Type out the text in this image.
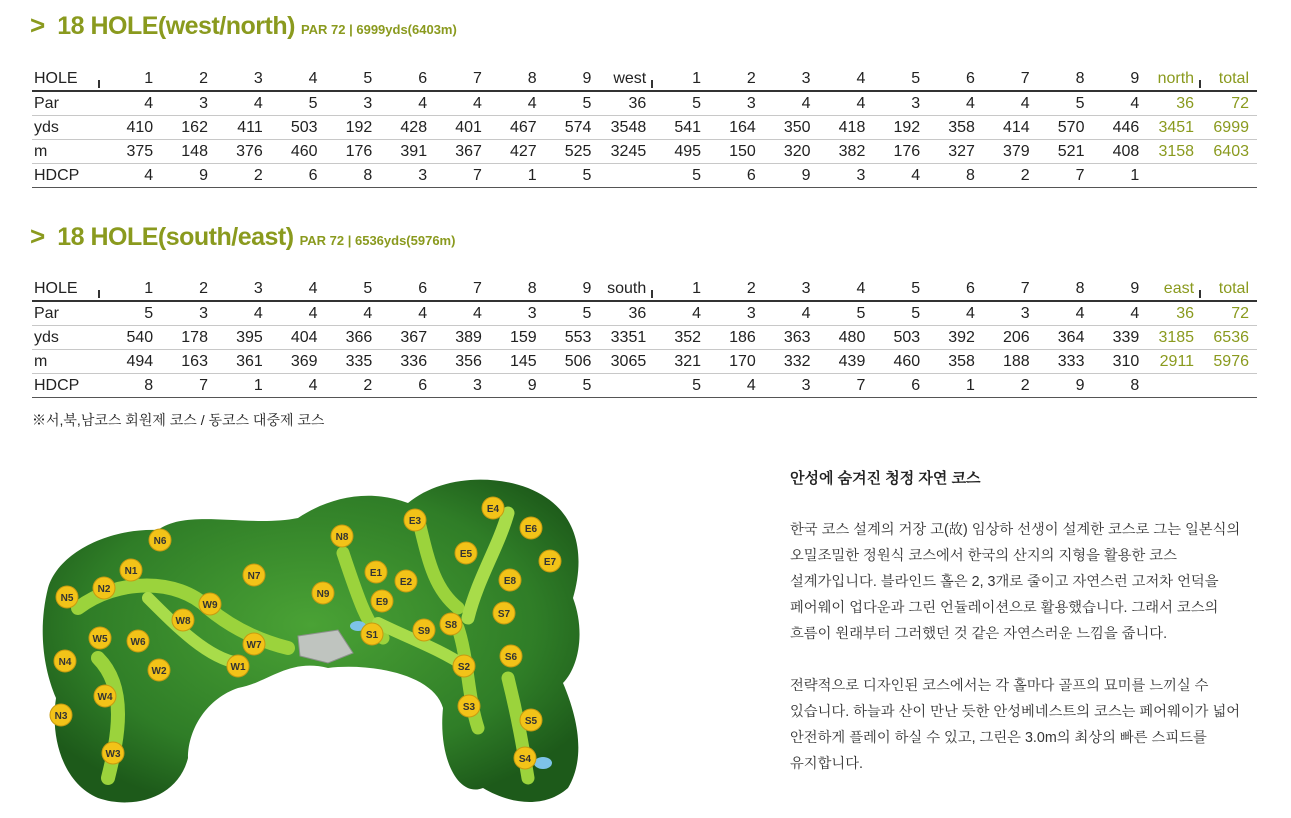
> 18 HOLE(west/north) PAR 72 | 6999yds(6403m)
HOLE	1	2	3	4	5	6	7	8	9	west	1	2	3	4	5	6	7	8	9	north	total
Par	4	3	4	5	3	4	4	4	5	36	5	3	4	4	3	4	4	5	4	36	72
yds	410	162	411	503	192	428	401	467	574	3548	541	164	350	418	192	358	414	570	446	3451	6999
m	375	148	376	460	176	391	367	427	525	3245	495	150	320	382	176	327	379	521	408	3158	6403
HDCP	4	9	2	6	8	3	7	1	5		5	6	9	3	4	8	2	7	1		
> 18 HOLE(south/east) PAR 72 | 6536yds(5976m)
HOLE	1	2	3	4	5	6	7	8	9	south	1	2	3	4	5	6	7	8	9	east	total
Par	5	3	4	4	4	4	4	3	5	36	4	3	4	5	5	4	3	4	4	36	72
yds	540	178	395	404	366	367	389	159	553	3351	352	186	363	480	503	392	206	364	339	3185	6536
m	494	163	361	369	335	336	356	145	506	3065	321	170	332	439	460	358	188	333	310	2911	5976
HDCP	8	7	1	4	2	6	3	9	5		5	4	3	7	6	1	2	9	8		
※서,북,남코스 회원제 코스 / 동코스 대중제 코스
E4
E3
E6
N8
N6
E5
E7
N1	E1
E2
N7	E8
N5
N2	N9
E9
W9
S7
W8	S8
S9
S1
W5 W6	W7
S6
N4
W2	W1	S2
W4
S3
N3	S5
W3	S4
안성에 숨겨진 청정 자연 코스

한국 코스 설계의 거장 고(故) 임상하 선생이 설계한 코스로 그는 일본식의 오밀조밀한 정원식 코스에서 한국의 산지의 지형을 활용한 코스 설계가입니다. 블라인드 홀은 2, 3개로 줄이고 자연스런 고저차 언덕을 페어웨이 업다운과 그린 언듈레이션으로 활용했습니다. 그래서 코스의 흐름이 원래부터 그러했던 것 같은 자연스러운 느낌을 줍니다.

전략적으로 디자인된 코스에서는 각 홀마다 골프의 묘미를 느끼실 수 있습니다. 하늘과 산이 만난 듯한 안성베네스트의 코스는 페어웨이가 넓어 안전하게 플레이 하실 수 있고, 그린은 3.0m의 최상의 빠른 스피드를 유지합니다.
